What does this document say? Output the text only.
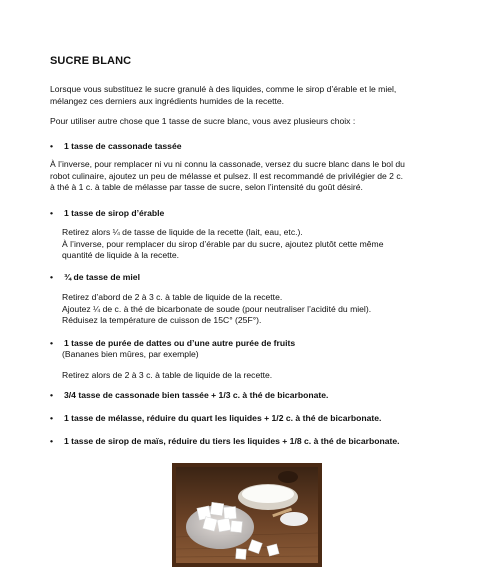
SUCRE BLANC

Lorsque vous substituez le sucre granulé à des liquides, comme le sirop d’érable et le miel,
mélangez ces derniers aux ingrédients humides de la recette.

Pour utiliser autre chose que 1 tasse de sucre blanc, vous avez plusieurs choix :

• 1 tasse de cassonade tassée

À l’inverse, pour remplacer ni vu ni connu la cassonade, versez du sucre blanc dans le bol du
robot culinaire, ajoutez un peu de mélasse et pulsez. Il est recommandé de privilégier de 2 c.
à thé à 1 c. à table de mélasse par tasse de sucre, selon l’intensité du goût désiré.

• 1 tasse de sirop d’érable

Retirez alors ¼ de tasse de liquide de la recette (lait, eau, etc.).
À l’inverse, pour remplacer du sirop d’érable par du sucre, ajoutez plutôt cette même
quantité de liquide à la recette.

• ¾ de tasse de miel

Retirez d’abord de 2 à 3 c. à table de liquide de la recette.
Ajoutez ¼ de c. à thé de bicarbonate de soude (pour neutraliser l’acidité du miel).
Réduisez la température de cuisson de 15C° (25F°).

• 1 tasse de purée de dattes ou d’une autre purée de fruits

(Bananes bien mûres, par exemple)

Retirez alors de 2 à 3 c. à table de liquide de la recette.

• 3/4 tasse de cassonade bien tassée + 1/3 c. à thé de bicarbonate.
• 1 tasse de mélasse, réduire du quart les liquides + 1/2 c. à thé de bicarbonate.
• 1 tasse de sirop de maïs, réduire du tiers les liquides + 1/8 c. à thé de bicarbonate.
